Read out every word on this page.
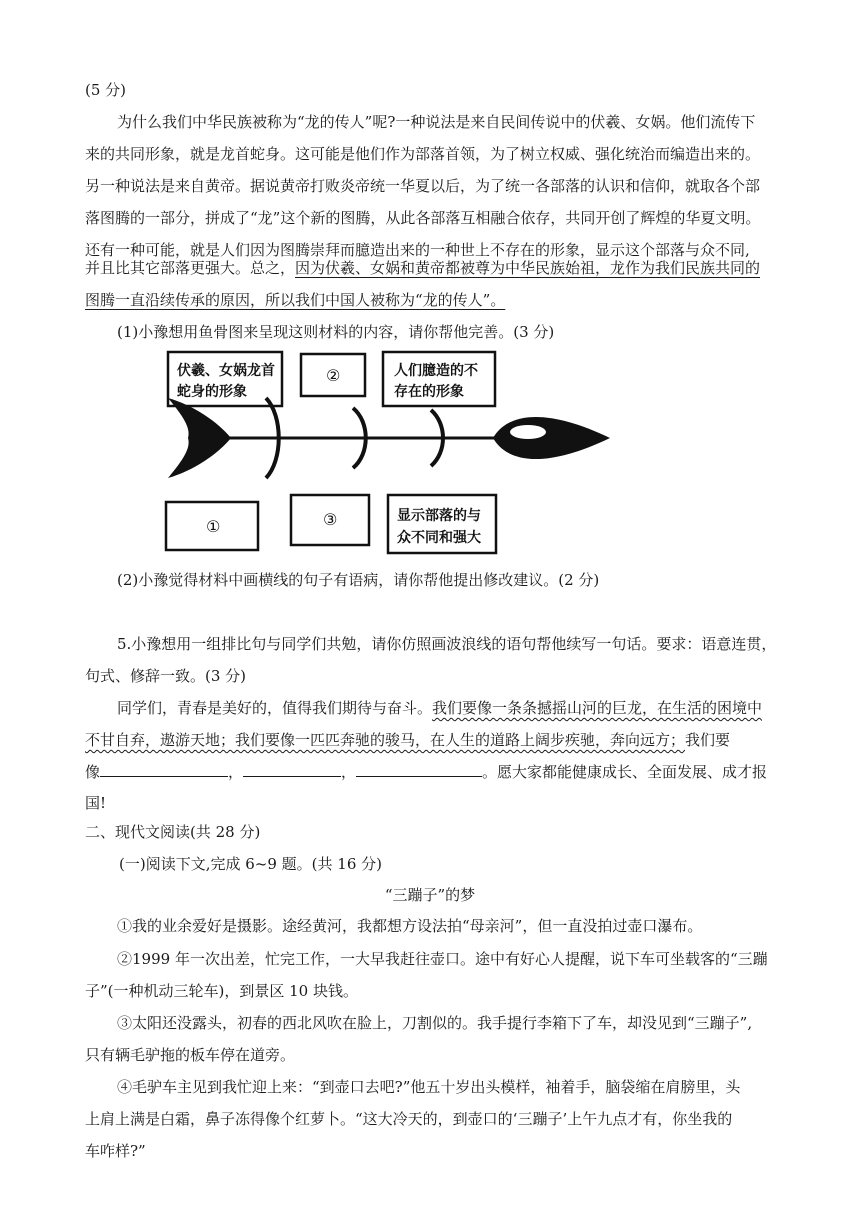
(5 分)
为什么我们中华民族被称为“龙的传人”呢?一种说法是来自民间传说中的伏羲、女娲。他们流传下
来的共同形象，就是龙首蛇身。这可能是他们作为部落首领，为了树立权威、强化统治而编造出来的。
另一种说法是来自黄帝。据说黄帝打败炎帝统一华夏以后，为了统一各部落的认识和信仰，就取各个部
落图腾的一部分，拼成了“龙”这个新的图腾，从此各部落互相融合依存，共同开创了辉煌的华夏文明。
还有一种可能，就是人们因为图腾崇拜而臆造出来的一种世上不存在的形象，显示这个部落与众不同,
并且比其它部落更强大。总之，因为伏羲、女娲和黄帝都被尊为中华民族始祖，龙作为我们民族共同的
图腾一直沿续传承的原因，所以我们中国人被称为“龙的传人”。
(1)小豫想用鱼骨图来呈现这则材料的内容，请你帮他完善。(3 分)
伏羲、女娲龙首
蛇身的形象
②	人们臆造的不
存在的形象
①	③	显示部落的与
众不同和强大
(2)小豫觉得材料中画横线的句子有语病，请你帮他提出修改建议。(2 分)
5.小豫想用一组排比句与同学们共勉，请你仿照画波浪线的语句帮他续写一句话。要求：语意连贯，
句式、修辞一致。(3 分)
同学们，青春是美好的，值得我们期待与奋斗。我们要像一条条撼摇山河的巨龙，在生活的困境中
不甘自弃，遨游天地；我们要像一匹匹奔驰的骏马，在人生的道路上阔步疾驰，奔向远方；我们要
像	，	，	。愿大家都能健康成长、全面发展、成才报
国!
二、现代文阅读(共 28 分)
(一)阅读下文,完成 6~9 题。(共 16 分)
“三蹦子”的梦
①我的业余爱好是摄影。途经黄河，我都想方设法拍“母亲河”，但一直没拍过壶口瀑布。
②1999 年一次出差，忙完工作，一大早我赶往壶口。途中有好心人提醒，说下车可坐载客的“三蹦
子”(一种机动三轮车)，到景区 10 块钱。
③太阳还没露头，初春的西北风吹在脸上，刀割似的。我手提行李箱下了车，却没见到“三蹦子”,
只有辆毛驴拖的板车停在道旁。
④毛驴车主见到我忙迎上来：“到壶口去吧?”他五十岁出头模样，袖着手，脑袋缩在肩膀里，头
上肩上满是白霜，鼻子冻得像个红萝卜。“这大冷天的，到壶口的‘三蹦子’上午九点才有，你坐我的
车咋样?”
